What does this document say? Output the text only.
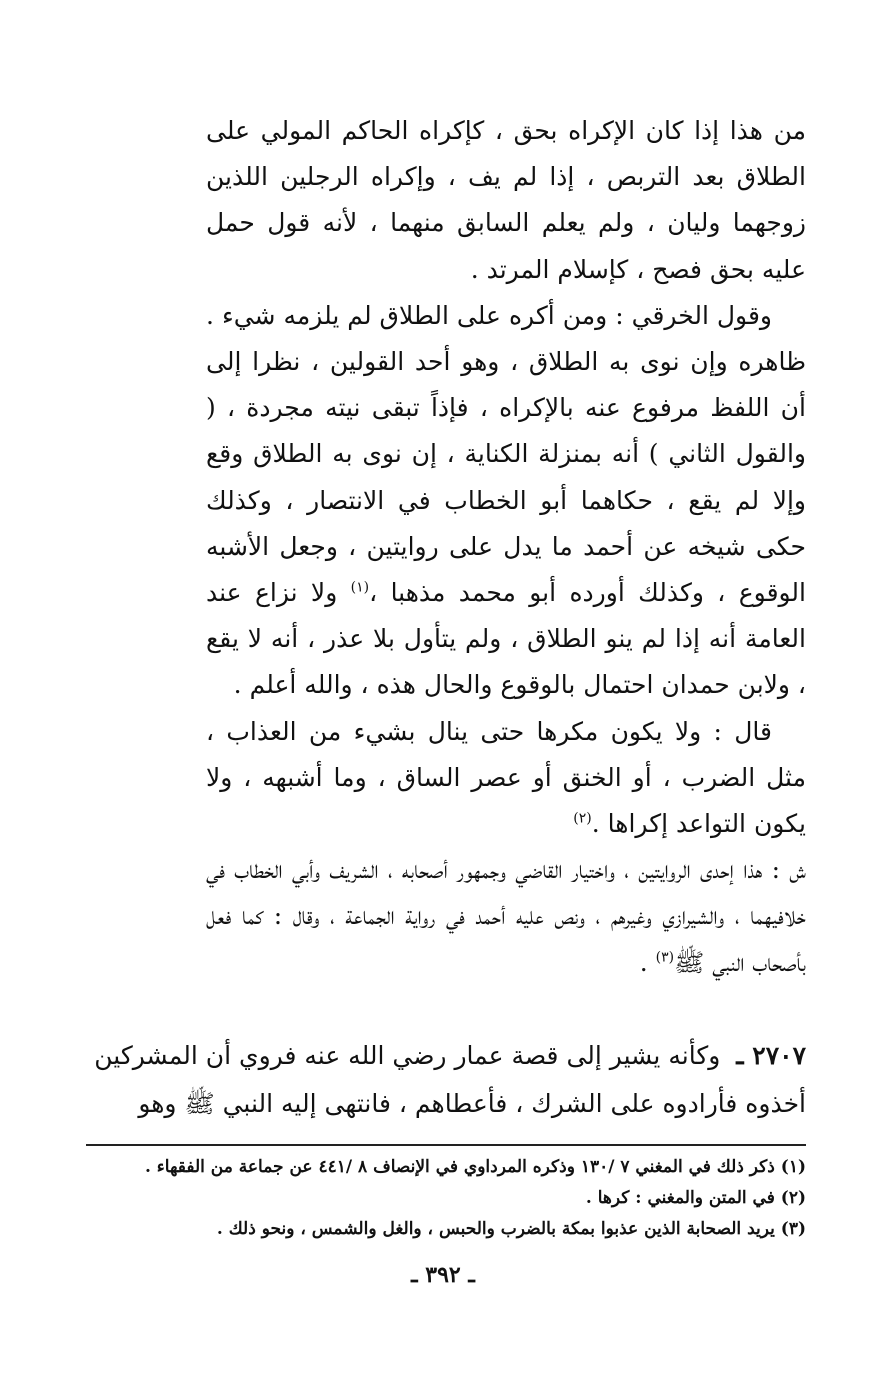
من هذا إذا كان الإكراه بحق ، كإكراه الحاكم المولي على الطلاق بعد التربص ، إذا لم يف ، وإكراه الرجلين اللذين زوجهما وليان ، ولم يعلم السابق منهما ، لأنه قول حمل عليه بحق فصح ، كإسلام المرتد .

وقول الخرقي : ومن أكره على الطلاق لم يلزمه شيء . ظاهره وإن نوى به الطلاق ، وهو أحد القولين ، نظرا إلى أن اللفظ مرفوع عنه بالإكراه ، فإذاً تبقى نيته مجردة ، ( والقول الثاني ) أنه بمنزلة الكناية ، إن نوى به الطلاق وقع وإلا لم يقع ، حكاهما أبو الخطاب في الانتصار ، وكذلك حكى شيخه عن أحمد ما يدل على روايتين ، وجعل الأشبه الوقوع ، وكذلك أورده أبو محمد مذهبا ،$^{(١)}$ ولا نزاع عند العامة أنه إذا لم ينو الطلاق ، ولم يتأول بلا عذر ، أنه لا يقع ، ولابن حمدان احتمال بالوقوع والحال هذه ، والله أعلم .

قال : ولا يكون مكرها حتى ينال بشيء من العذاب ، مثل الضرب ، أو الخنق أو عصر الساق ، وما أشبهه ، ولا يكون التواعد إكراها .$^{(٢)}$

ش : هذا إحدى الروايتين ، واختيار القاضي وجمهور أصحابه ، الشريف وأبي الخطاب في خلافيهما ، والشيرازي وغيرهم ، ونص عليه أحمد في رواية الجماعة ، وقال : كما فعل بأصحاب النبي ﷺ$^{(٣)}$ .

٢٧٠٧ ـ وكأنه يشير إلى قصة عمار رضي الله عنه فروي أن المشركين أخذوه فأرادوه على الشرك ، فأعطاهم ، فانتهى إليه النبي ﷺ وهو

(١) ذكر ذلك في المغني ٧ /١٣٠ وذكره المرداوي في الإنصاف ٨ /٤٤١ عن جماعة من الفقهاء .

(٢) في المتن والمغني : كرها .

(٣) يريد الصحابة الذين عذبوا بمكة بالضرب والحبس ، والغل والشمس ، ونحو ذلك .

ـ ٣٩٢ ـ
